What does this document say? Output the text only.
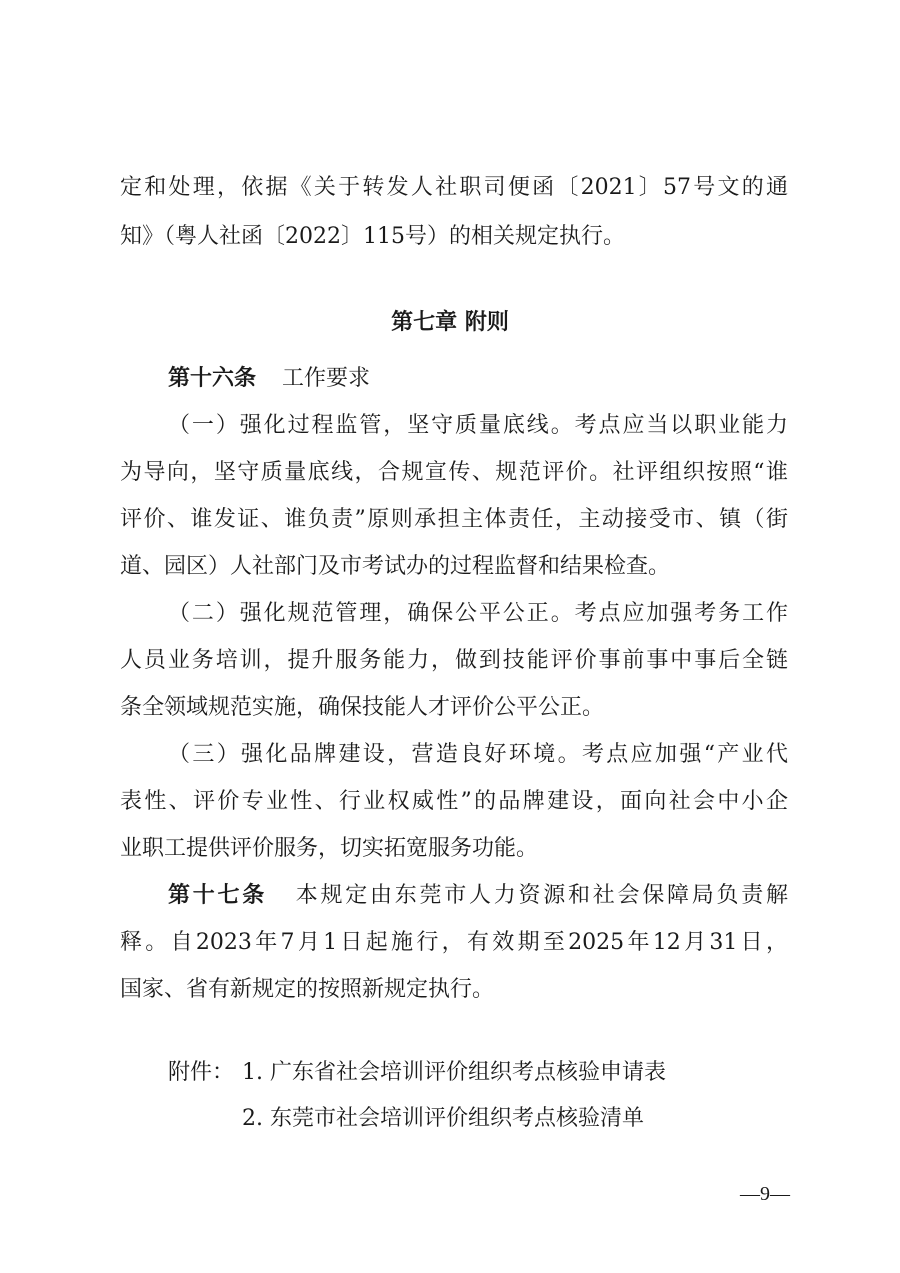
定和处理，依据《关于转发人社职司便函〔2021〕57号文的通
知》（粤人社函〔2022〕115号）的相关规定执行。
第七章 附则
第十六条 工作要求
（一）强化过程监管，坚守质量底线。考点应当以职业能力
为导向，坚守质量底线，合规宣传、规范评价。社评组织按照“谁
评价、谁发证、谁负责”原则承担主体责任，主动接受市、镇（街
道、园区）人社部门及市考试办的过程监督和结果检查。
（二）强化规范管理，确保公平公正。考点应加强考务工作
人员业务培训，提升服务能力，做到技能评价事前事中事后全链
条全领域规范实施，确保技能人才评价公平公正。
（三）强化品牌建设，营造良好环境。考点应加强“产业代
表性、评价专业性、行业权威性”的品牌建设，面向社会中小企
业职工提供评价服务，切实拓宽服务功能。
第十七条 本规定由东莞市人力资源和社会保障局负责解
释。自2023年7月1日起施行，有效期至2025年12月31日，
国家、省有新规定的按照新规定执行。
附件： 1. 广东省社会培训评价组织考点核验申请表
2. 东莞市社会培训评价组织考点核验清单
—9—
